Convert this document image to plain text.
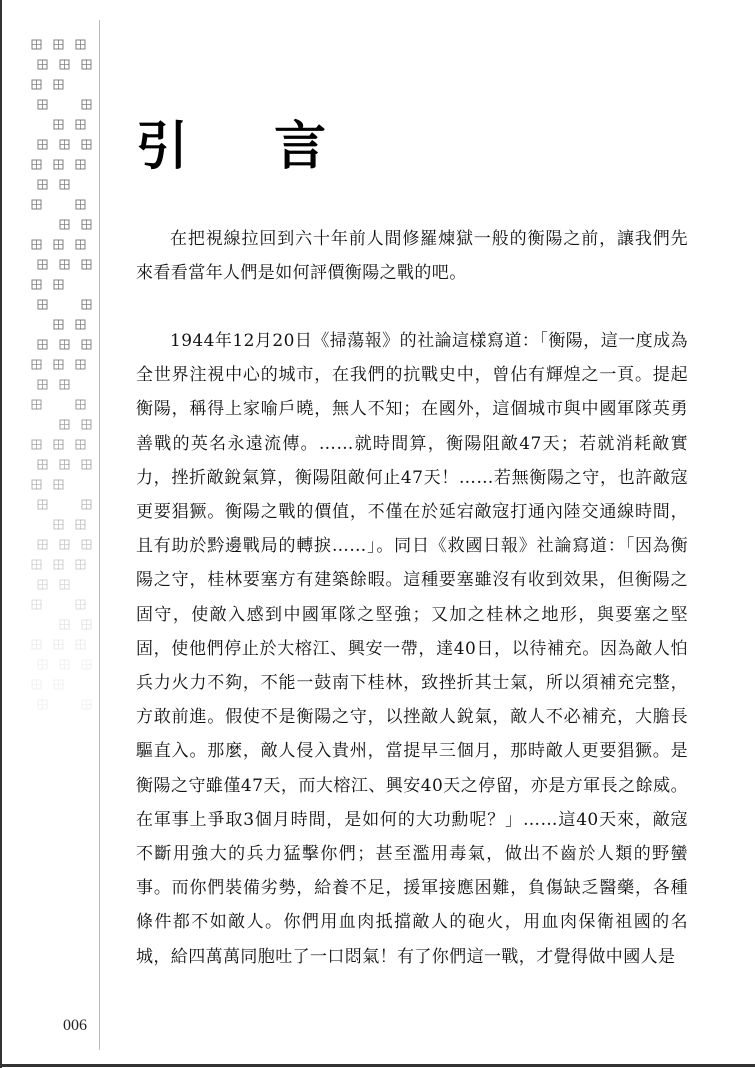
引 言

在把視線拉回到六十年前人間修羅煉獄一般的衡陽之前，讓我們先來看看當年人們是如何評價衡陽之戰的吧。

1944年12月20日《掃蕩報》的社論這樣寫道：「衡陽，這一度成為全世界注視中心的城市，在我們的抗戰史中，曾佔有輝煌之一頁。提起衡陽，稱得上家喻戶曉，無人不知；在國外，這個城市與中國軍隊英勇善戰的英名永遠流傳。……就時間算，衡陽阻敵47天；若就消耗敵實力，挫折敵銳氣算，衡陽阻敵何止47天！……若無衡陽之守，也許敵寇更要猖獗。衡陽之戰的價值，不僅在於延宕敵寇打通內陸交通線時間，且有助於黔邊戰局的轉捩……」。同日《救國日報》社論寫道：「因為衡陽之守，桂林要塞方有建築餘暇。這種要塞雖沒有收到效果，但衡陽之固守，使敵入感到中國軍隊之堅強；又加之桂林之地形，與要塞之堅固，使他們停止於大榕江、興安一帶，達40日，以待補充。因為敵人怕兵力火力不夠，不能一鼓南下桂林，致挫折其士氣，所以須補充完整，方敢前進。假使不是衡陽之守，以挫敵人銳氣，敵人不必補充，大膽長驅直入。那麼，敵人侵入貴州，當提早三個月，那時敵人更要猖獗。是衡陽之守雖僅47天，而大榕江、興安40天之停留，亦是方軍長之餘威。在軍事上爭取3個月時間，是如何的大功勳呢？」……這40天來，敵寇不斷用強大的兵力猛擊你們；甚至濫用毒氣，做出不齒於人類的野蠻事。而你們裝備劣勢，給養不足，援軍接應困難，負傷缺乏醫藥，各種條件都不如敵人。你們用血肉抵擋敵人的砲火，用血肉保衛祖國的名城，給四萬萬同胞吐了一口悶氣！有了你們這一戰，才覺得做中國人是

006
